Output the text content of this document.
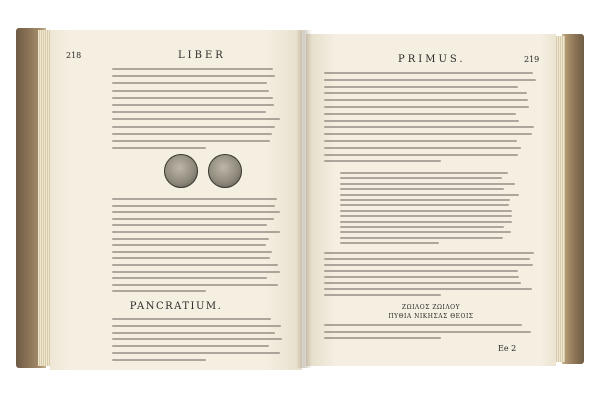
218	LIBER
PANCRATIUM.
PRIMUS.	219
ΖΩΙΛΟΣ ΖΩΙΛΟΥ
ΠΥΘΙΑ ΝΙΚΗΣΑΣ ΘΕΟΙΣ
Ee 2
